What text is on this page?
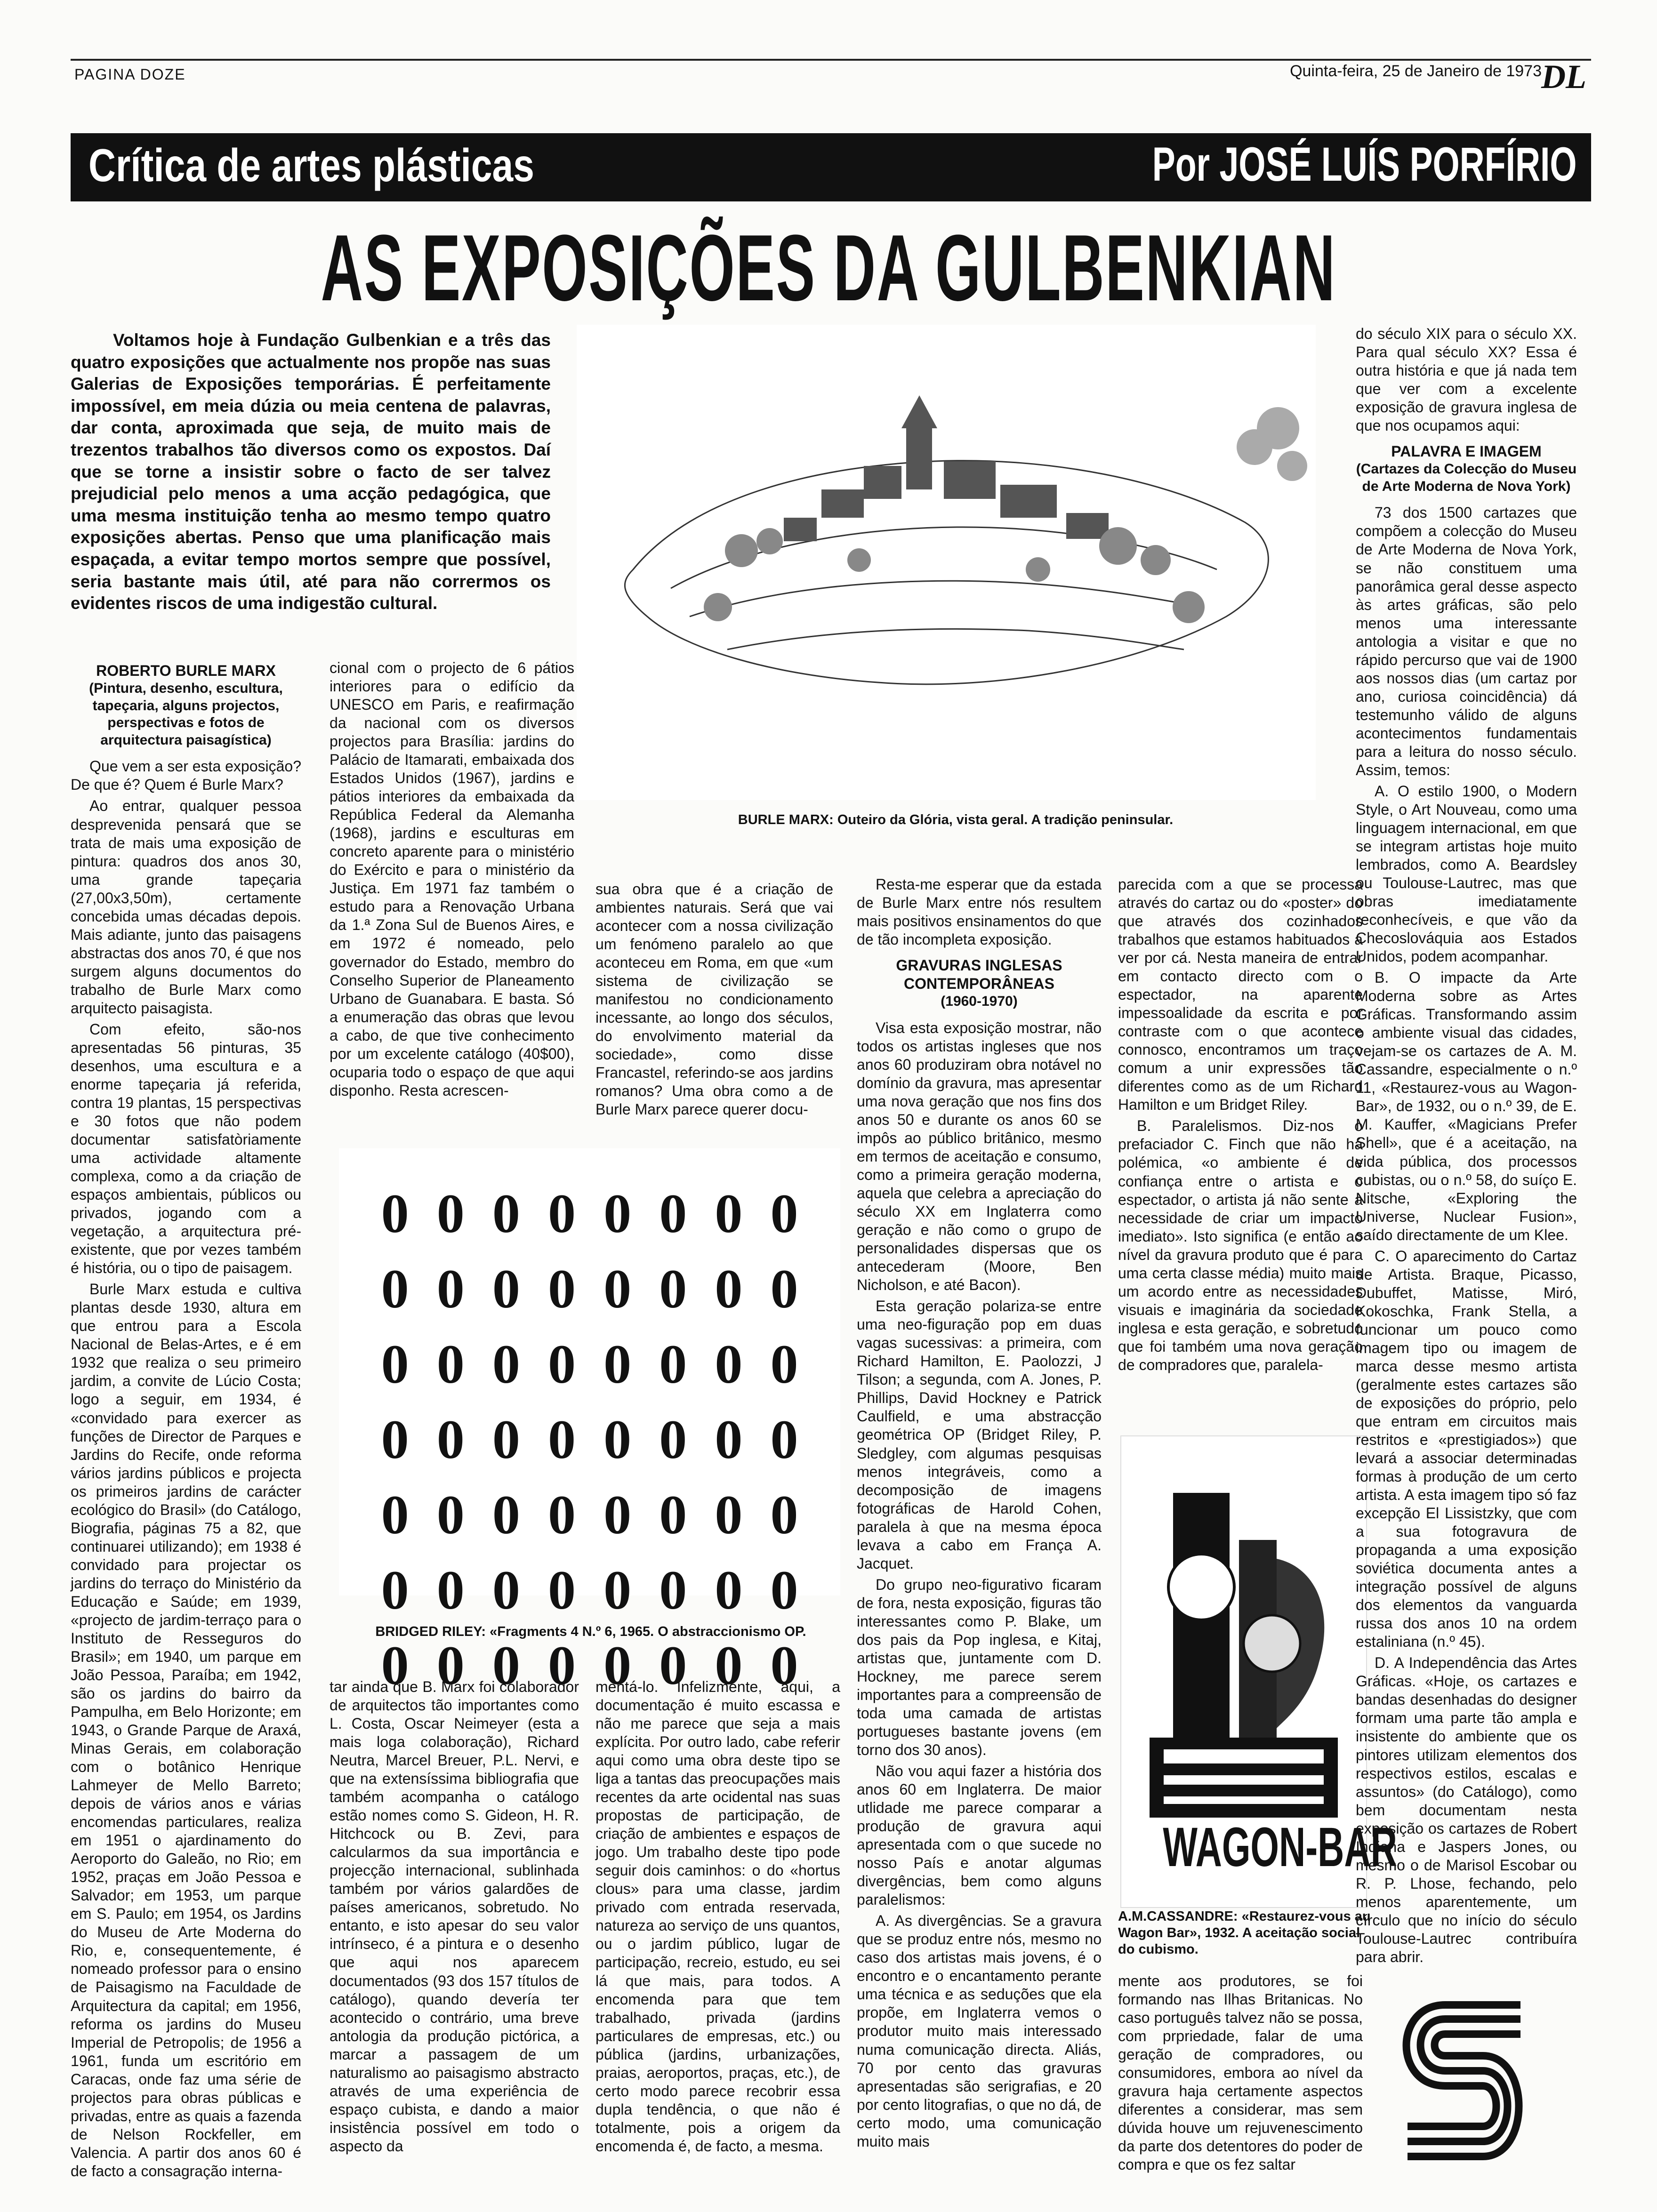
PAGINA DOZE	Quinta-feira, 25 de Janeiro de 1973 DL
Crítica de artes plásticas	Por JOSÉ LUÍS PORFÍRIO
AS EXPOSIÇÕES DA GULBENKIAN
Voltamos hoje à Fundação Gulbenkian e a três das quatro exposições que actualmente nos propõe nas suas Galerias de Exposições temporárias. É perfeitamente impossível, em meia dúzia ou meia centena de palavras, dar conta, aproximada que seja, de muito mais de trezentos trabalhos tão diversos como os expostos. Daí que se torne a insistir sobre o facto de ser talvez prejudicial pelo menos a uma acção pedagógica, que uma mesma instituição tenha ao mesmo tempo quatro exposições abertas. Penso que uma planificação mais espaçada, a evitar tempo mortos sempre que possível, seria bastante mais útil, até para não corrermos os evidentes riscos de uma indigestão cultural.
BURLE MARX: Outeiro da Glória, vista geral. A tradição peninsular.

ROBERTO BURLE MARX
(Pintura, desenho, escultura, tapeçaria, alguns projectos, perspectivas e fotos de arquitectura paisagística)

Que vem a ser esta exposição? De que é? Quem é Burle Marx?

Ao entrar, qualquer pessoa desprevenida pensará que se trata de mais uma exposição de pintura: quadros dos anos 30, uma grande tapeçaria (27,00x3,50m), certamente concebida umas décadas depois. Mais adiante, junto das paisagens abstractas dos anos 70, é que nos surgem alguns documentos do trabalho de Burle Marx como arquitecto paisagista.

Com efeito, são-nos apresentadas 56 pinturas, 35 desenhos, uma escultura e a enorme tapeçaria já referida, contra 19 plantas, 15 perspectivas e 30 fotos que não podem documentar satisfatòriamente uma actividade altamente complexa, como a da criação de espaços ambientais, públicos ou privados, jogando com a vegetação, a arquitectura pré-existente, que por vezes também é história, ou o tipo de paisagem.

Burle Marx estuda e cultiva plantas desde 1930, altura em que entrou para a Escola Nacional de Belas-Artes, e é em 1932 que realiza o seu primeiro jardim, a convite de Lúcio Costa; logo a seguir, em 1934, é «convidado para exercer as funções de Director de Parques e Jardins do Recife, onde reforma vários jardins públicos e projecta os primeiros jardins de carácter ecológico do Brasil» (do Catálogo, Biografia, páginas 75 a 82, que continuarei utilizando); em 1938 é convidado para projectar os jardins do terraço do Ministério da Educação e Saúde; em 1939, «projecto de jardim-terraço para o Instituto de Resseguros do Brasil»; em 1940, um parque em João Pessoa, Paraíba; em 1942, são os jardins do bairro da Pampulha, em Belo Horizonte; em 1943, o Grande Parque de Araxá, Minas Gerais, em colaboração com o botânico Henrique Lahmeyer de Mello Barreto; depois de vários anos e várias encomendas particulares, realiza em 1951 o ajardinamento do Aeroporto do Galeão, no Rio; em 1952, praças em João Pessoa e Salvador; em 1953, um parque em S. Paulo; em 1954, os Jardins do Museu de Arte Moderna do Rio, e, consequentemente, é nomeado professor para o ensino de Paisagismo na Faculdade de Arquitectura da capital; em 1956, reforma os jardins do Museu Imperial de Petropolis; de 1956 a 1961, funda um escritório em Caracas, onde faz uma série de projectos para obras públicas e privadas, entre as quais a fazenda de Nelson Rockfeller, em Valencia. A partir dos anos 60 é de facto a consagração interna-

cional com o projecto de 6 pátios interiores para o edifício da UNESCO em Paris, e reafirmação da nacional com os diversos projectos para Brasília: jardins do Palácio de Itamarati, embaixada dos Estados Unidos (1967), jardins e pátios interiores da embaixada da República Federal da Alemanha (1968), jardins e esculturas em concreto aparente para o ministério do Exército e para o ministério da Justiça. Em 1971 faz também o estudo para a Renovação Urbana da 1.ª Zona Sul de Buenos Aires, e em 1972 é nomeado, pelo governador do Estado, membro do Conselho Superior de Planeamento Urbano de Guanabara. E basta. Só a enumeração das obras que levou a cabo, de que tive conhecimento por um excelente catálogo (40$00), ocuparia todo o espaço de que aqui disponho. Resta acrescen-

sua obra que é a criação de ambientes naturais. Será que vai acontecer com a nossa civilização um fenómeno paralelo ao que aconteceu em Roma, em que «um sistema de civilização se manifestou no condicionamento incessante, ao longo dos séculos, do envolvimento material da sociedade», como disse Francastel, referindo-se aos jardins romanos? Uma obra como a de Burle Marx parece querer docu-

0 0 0 0 0 0 0 0
0 0 0 0 0 0 0 0
0 0 0 0 0 0 0 0
0 0 0 0 0 0 0 0
0 0 0 0 0 0 0 0
0 0 0 0 0 0 0 0
0 0 0 0 0 0 0 0
BRIDGED RILEY: «Fragments 4 N.º 6, 1965. O abstraccionismo OP.

tar ainda que B. Marx foi colaborador de arquitectos tão importantes como L. Costa, Oscar Neimeyer (esta a mais loga colaboração), Richard Neutra, Marcel Breuer, P.L. Nervi, e que na extensíssima bibliografia que também acompanha o catálogo estão nomes como S. Gideon, H. R. Hitchcock ou B. Zevi, para calcularmos da sua importância e projecção internacional, sublinhada também por vários galardões de países americanos, sobretudo. No entanto, e isto apesar do seu valor intrínseco, é a pintura e o desenho que aqui nos aparecem documentados (93 dos 157 títulos de catálogo), quando devería ter acontecido o contrário, uma breve antologia da produção pictórica, a marcar a passagem de um naturalismo ao paisagismo abstracto através de uma experiência de espaço cubista, e dando a maior insistência possível em todo o aspecto da

mentá-lo. Infelizmente, aqui, a documentação é muito escassa e não me parece que seja a mais explícita. Por outro lado, cabe referir aqui como uma obra deste tipo se liga a tantas das preocupações mais recentes da arte ocidental nas suas propostas de participação, de criação de ambientes e espaços de jogo. Um trabalho deste tipo pode seguir dois caminhos: o do «hortus clous» para uma classe, jardim privado com entrada reservada, natureza ao serviço de uns quantos, ou o jardim público, lugar de participação, recreio, estudo, eu sei lá que mais, para todos. A encomenda para que tem trabalhado, privada (jardins particulares de empresas, etc.) ou pública (jardins, urbanizações, praias, aeroportos, praças, etc.), de certo modo parece recobrir essa dupla tendência, o que não é totalmente, pois a origem da encomenda é, de facto, a mesma.

Resta-me esperar que da estada de Burle Marx entre nós resultem mais positivos ensinamentos do que de tão incompleta exposição.

GRAVURAS INGLESAS CONTEMPORÂNEAS
(1960-1970)

Visa esta exposição mostrar, não todos os artistas ingleses que nos anos 60 produziram obra notável no domínio da gravura, mas apresentar uma nova geração que nos fins dos anos 50 e durante os anos 60 se impôs ao público britânico, mesmo em termos de aceitação e consumo, como a primeira geração moderna, aquela que celebra a apreciação do século XX em Inglaterra como geração e não como o grupo de personalidades dispersas que os antecederam (Moore, Ben Nicholson, e até Bacon).

Esta geração polariza-se entre uma neo-figuração pop em duas vagas sucessivas: a primeira, com Richard Hamilton, E. Paolozzi, J Tilson; a segunda, com A. Jones, P. Phillips, David Hockney e Patrick Caulfield, e uma abstracção geométrica OP (Bridget Riley, P. Sledgley, com algumas pesquisas menos integráveis, como a decomposição de imagens fotográficas de Harold Cohen, paralela à que na mesma época levava a cabo em França A. Jacquet.

Do grupo neo-figurativo ficaram de fora, nesta exposição, figuras tão interessantes como P. Blake, um dos pais da Pop inglesa, e Kitaj, artistas que, juntamente com D. Hockney, me parece serem importantes para a compreensão de toda uma camada de artistas portugueses bastante jovens (em torno dos 30 anos).

Não vou aqui fazer a história dos anos 60 em Inglaterra. De maior utlidade me parece comparar a produção de gravura aqui apresentada com o que sucede no nosso País e anotar algumas divergências, bem como alguns paralelismos:

A. As divergências. Se a gravura que se produz entre nós, mesmo no caso dos artistas mais jovens, é o encontro e o encantamento perante uma técnica e as seduções que ela propõe, em Inglaterra vemos o produtor muito mais interessado numa comunicação directa. Aliás, 70 por cento das gravuras apresentadas são serigrafias, e 20 por cento litografias, o que no dá, de certo modo, uma comunicação muito mais

parecida com a que se processa através do cartaz ou do «poster» do que através dos cozinhados trabalhos que estamos habituados a ver por cá. Nesta maneira de entrar em contacto directo com o espectador, na aparente impessoalidade da escrita e por contraste com o que acontece connosco, encontramos um traço comum a unir expressões tão diferentes como as de um Richard Hamilton e um Bridget Riley.

B. Paralelismos. Diz-nos o prefaciador C. Finch que não há polémica, «o ambiente é de confiança entre o artista e o espectador, o artista já não sente a necessidade de criar um impacto imediato». Isto significa (e então ao nível da gravura produto que é para uma certa classe média) muito mais um acordo entre as necessidades visuais e imaginária da sociedade inglesa e esta geração, e sobretudo que foi também uma nova geração de compradores que, paralela-

WAGON-BAR
A.M.CASSANDRE: «Restaurez-vous au Wagon Bar», 1932. A aceitação social do cubismo.

mente aos produtores, se foi formando nas Ilhas Britanicas. No caso português talvez não se possa, com prpriedade, falar de uma geração de compradores, ou consumidores, embora ao nível da gravura haja certamente aspectos diferentes a considerar, mas sem dúvida houve um rejuvenescimento da parte dos detentores do poder de compra e que os fez saltar

do século XIX para o século XX. Para qual século XX? Essa é outra história e que já nada tem que ver com a excelente exposição de gravura inglesa de que nos ocupamos aqui:

PALAVRA E IMAGEM
(Cartazes da Colecção do Museu de Arte Moderna de Nova York)

73 dos 1500 cartazes que compõem a colecção do Museu de Arte Moderna de Nova York, se não constituem uma panorâmica geral desse aspecto às artes gráficas, são pelo menos uma interessante antologia a visitar e que no rápido percurso que vai de 1900 aos nossos dias (um cartaz por ano, curiosa coincidência) dá testemunho válido de alguns acontecimentos fundamentais para a leitura do nosso século. Assim, temos:

A. O estilo 1900, o Modern Style, o Art Nouveau, como uma linguagem internacional, em que se integram artistas hoje muito lembrados, como A. Beardsley ou Toulouse-Lautrec, mas que obras imediatamente reconhecíveis, e que vão da Checoslováquia aos Estados Unidos, podem acompanhar.

B. O impacte da Arte Moderna sobre as Artes Gráficas. Transformando assim o ambiente visual das cidades, vejam-se os cartazes de A. M. Cassandre, especialmente o n.º 11, «Restaurez-vous au Wagon-Bar», de 1932, ou o n.º 39, de E. M. Kauffer, «Magicians Prefer Shell», que é a aceitação, na vida pública, dos processos cubistas, ou o n.º 58, do suíço E. Nitsche, «Exploring the Universe, Nuclear Fusion», saído directamente de um Klee.

C. O aparecimento do Cartaz de Artista. Braque, Picasso, Dubuffet, Matisse, Miró, Kokoschka, Frank Stella, a funcionar um pouco como imagem tipo ou imagem de marca desse mesmo artista (geralmente estes cartazes são de exposições do próprio, pelo que entram em circuitos mais restritos e «prestigiados») que levará a associar determinadas formas à produção de um certo artista. A esta imagem tipo só faz excepção El Lissistzky, que com a sua fotogravura de propaganda a uma exposição soviética documenta antes a integração possível de alguns dos elementos da vanguarda russa dos anos 10 na ordem estaliniana (n.º 45).

D. A Independência das Artes Gráficas. «Hoje, os cartazes e bandas desenhadas do designer formam uma parte tão ampla e insistente do ambiente que os pintores utilizam elementos dos respectivos estilos, escalas e assuntos» (do Catálogo), como bem documentam nesta exposição os cartazes de Robert Indiana e Jaspers Jones, ou mesmo o de Marisol Escobar ou R. P. Lhose, fechando, pelo menos aparentemente, um círculo que no início do século Toulouse-Lautrec contribuíra para abrir.
